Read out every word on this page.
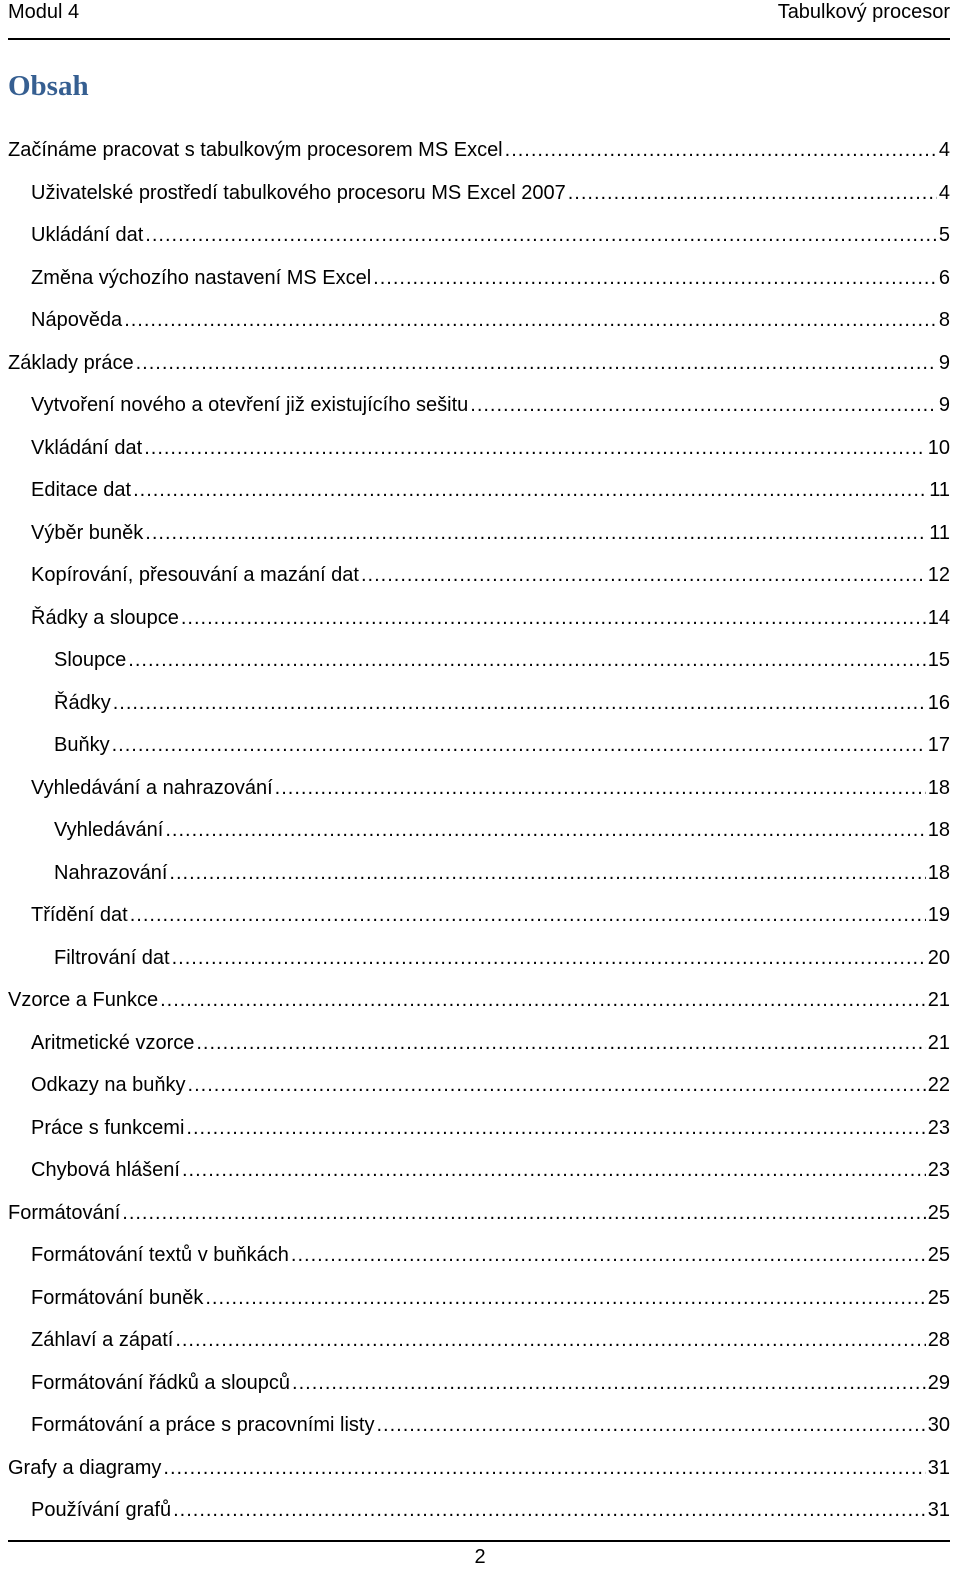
Modul 4	Tabulkový procesor
Obsah
Začínáme pracovat s tabulkovým procesorem MS Excel .....	4
Uživatelské prostředí tabulkového procesoru MS Excel 2007 .....	4
Ukládání dat .....	5
Změna výchozího nastavení MS Excel .....	6
Nápověda .....	8
Základy práce .....	9
Vytvoření nového a otevření již existujícího sešitu .....	9
Vkládání dat .....	10
Editace dat .....	11
Výběr buněk .....	11
Kopírování, přesouvání a mazání dat .....	12
Řádky a sloupce .....	14
Sloupce .....	15
Řádky .....	16
Buňky .....	17
Vyhledávání a nahrazování .....	18
Vyhledávání .....	18
Nahrazování .....	18
Třídění dat .....	19
Filtrování dat .....	20
Vzorce a Funkce .....	21
Aritmetické vzorce .....	21
Odkazy na buňky .....	22
Práce s funkcemi .....	23
Chybová hlášení .....	23
Formátování .....	25
Formátování textů v buňkách .....	25
Formátování buněk .....	25
Záhlaví a zápatí .....	28
Formátování řádků a sloupců .....	29
Formátování a práce s pracovními listy .....	30
Grafy a diagramy .....	31
Používání grafů .....	31
2
